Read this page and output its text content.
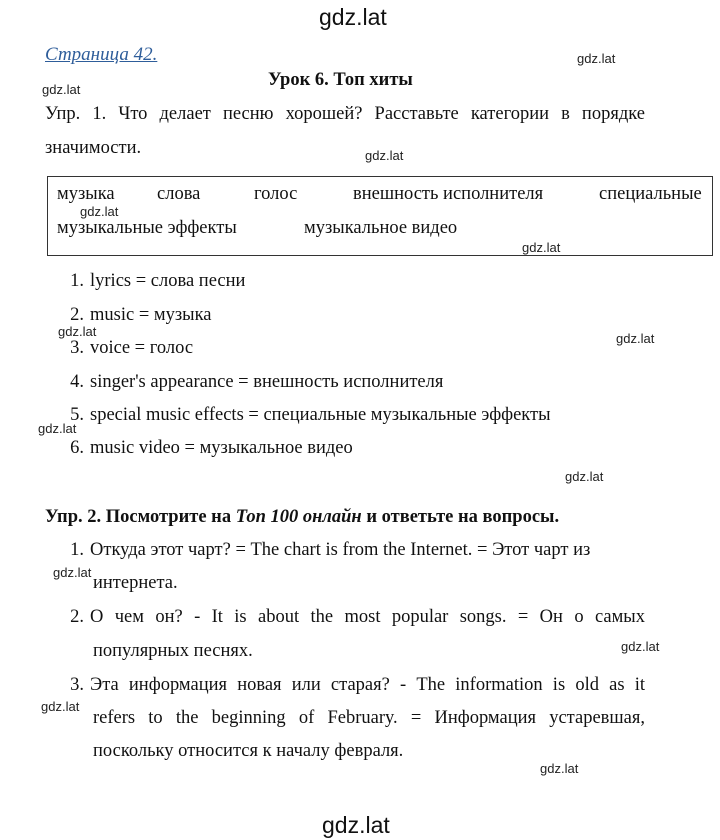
gdz.lat
gdz.lat
gdz.lat
gdz.lat
gdz.lat
gdz.lat
gdz.lat
gdz.lat	gdz.lat
gdz.lat
gdz.lat
gdz.lat
gdz.lat
gdz.lat
gdz.lat
Страница 42.
Урок 6. Топ хиты
Упр. 1. Что делает песню хорошей? Расставьте категории в порядке
значимости.
музыка слова	голос	внешность исполнителя	специальные
музыкальные эффекты	музыкальное видео
1. lyrics = слова песни
2. music = музыка
3. voice = голос
4. singer's appearance = внешность исполнителя
5. special music effects = специальные музыкальные эффекты
6. music video = музыкальное видео
Упр. 2. Посмотрите на Топ 100 онлайн и ответьте на вопросы.
1. Откуда этот чарт? = The chart is from the Internet. = Этот чарт из
интернета.
2. О чем он? - It is about the most popular songs. = Он о самых
популярных песнях.
3. Эта информация новая или старая? - The information is old as it
refers to the beginning of February. = Информация устаревшая,
поскольку относится к началу февраля.
